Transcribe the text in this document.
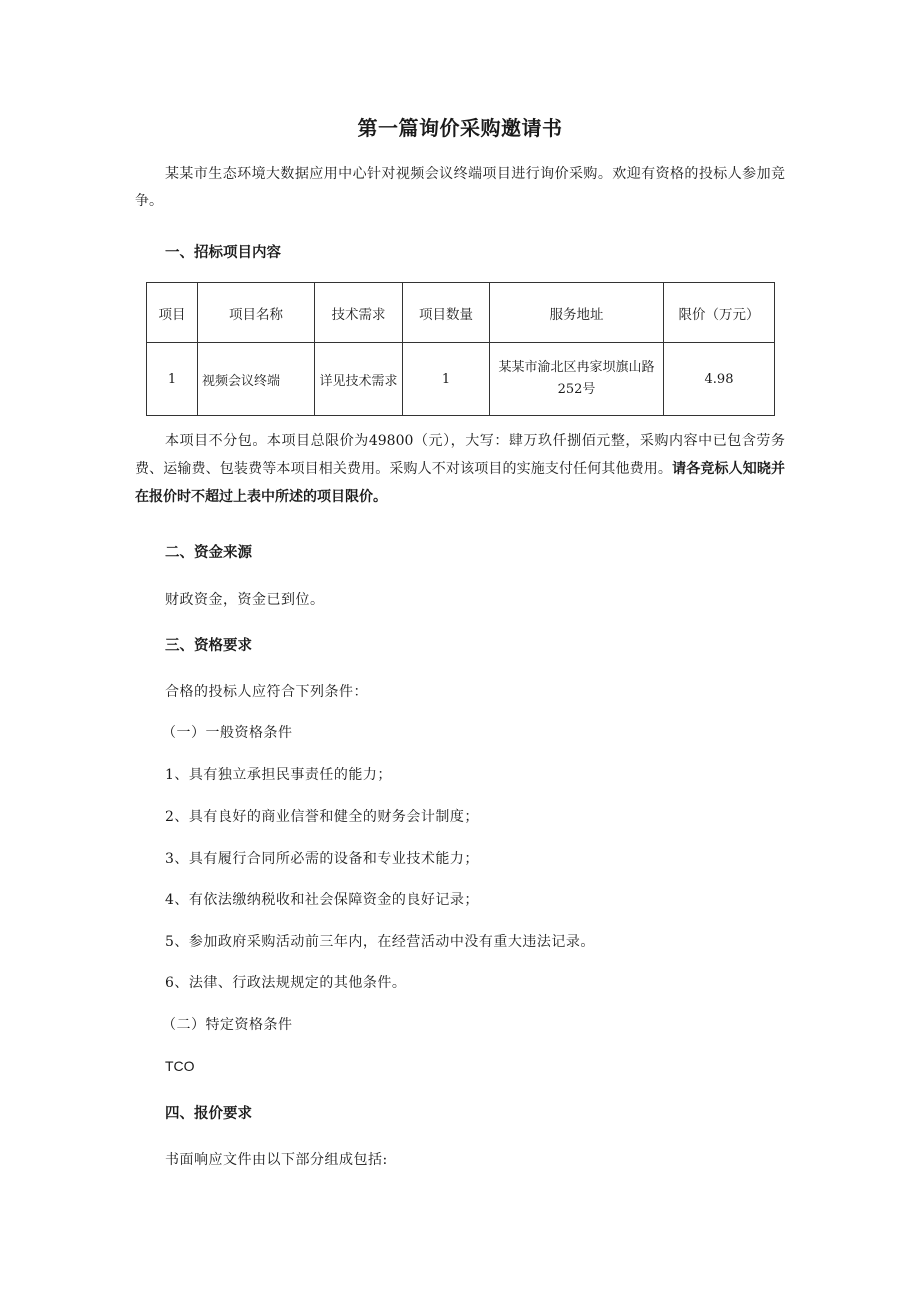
第一篇询价采购邀请书

某某市生态环境大数据应用中心针对视频会议终端项目进行询价采购。欢迎有资格的投标人参加竞争。

一、招标项目内容
项目	项目名称	技术需求	项目数量	服务地址	限价（万元）
1	视频会议终端	详见技术需求	1	某某市渝北区冉家坝旗山路252号	4.98

本项目不分包。本项目总限价为49800（元），大写：肆万玖仟捌佰元整，采购内容中已包含劳务费、运输费、包装费等本项目相关费用。采购人不对该项目的实施支付任何其他费用。请各竞标人知晓并在报价时不超过上表中所述的项目限价。

二、资金来源
财政资金，资金已到位。
三、资格要求
合格的投标人应符合下列条件：
（一）一般资格条件
1、具有独立承担民事责任的能力；
2、具有良好的商业信誉和健全的财务会计制度；
3、具有履行合同所必需的设备和专业技术能力；
4、有依法缴纳税收和社会保障资金的良好记录；
5、参加政府采购活动前三年内，在经营活动中没有重大违法记录。
6、法律、行政法规规定的其他条件。
（二）特定资格条件
TCO
四、报价要求
书面响应文件由以下部分组成包括:
